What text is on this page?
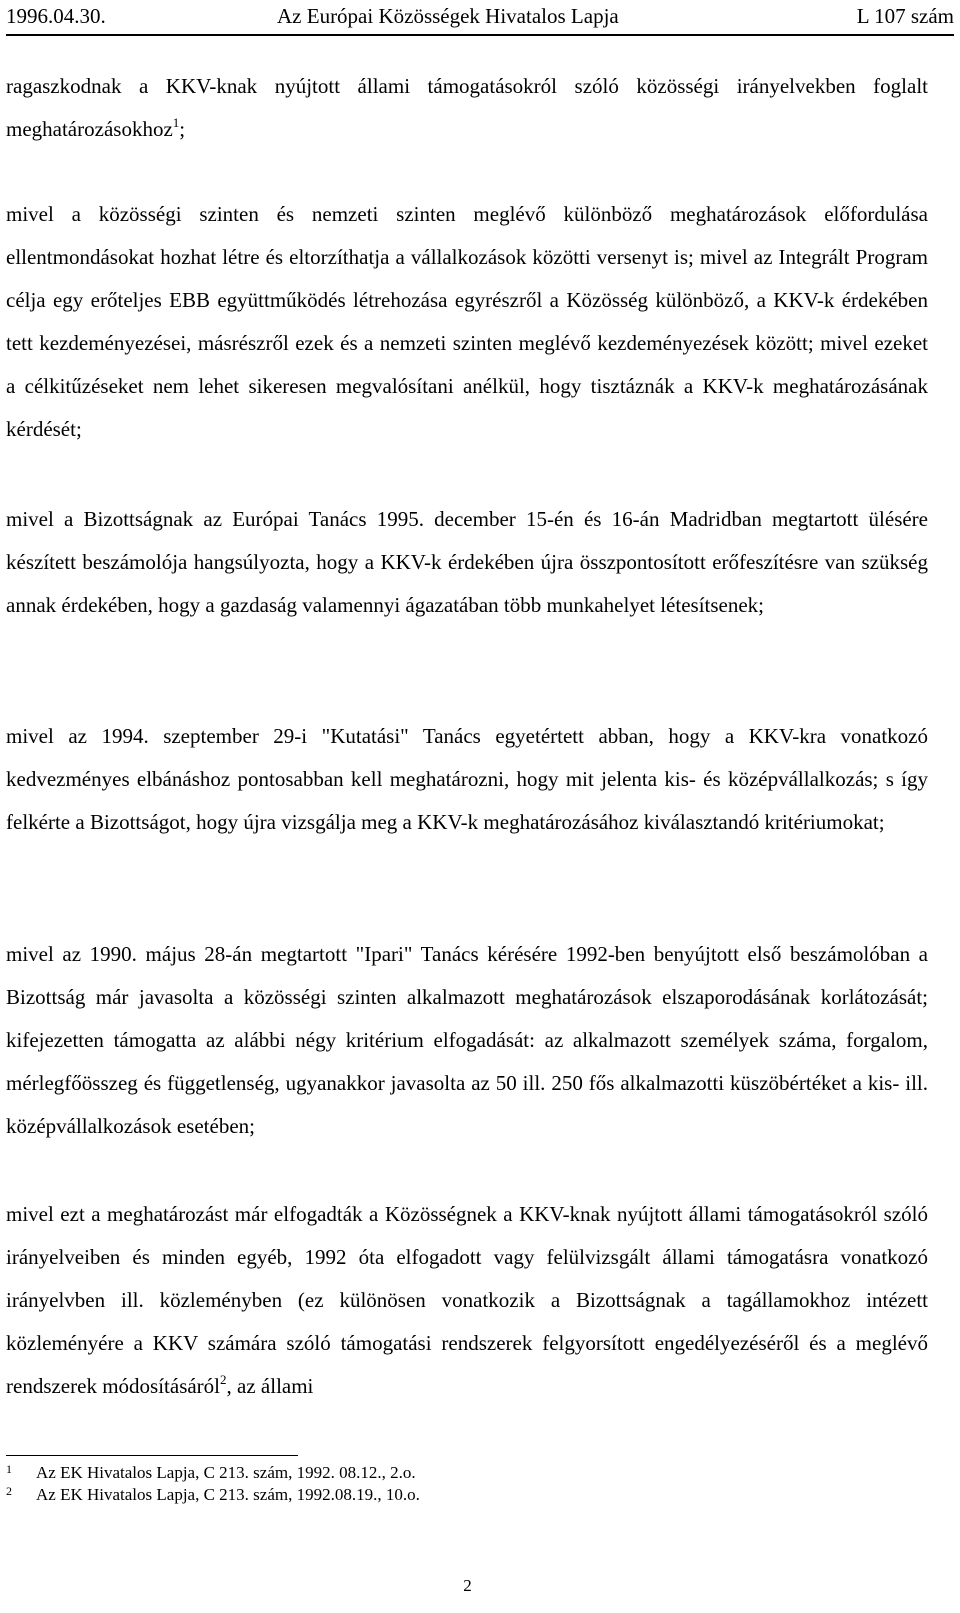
1996.04.30.	Az Európai Közösségek Hivatalos Lapja	L 107 szám

ragaszkodnak a KKV-knak nyújtott állami támogatásokról szóló közösségi irányelvekben foglalt meghatározásokhoz$^1$;

mivel a közösségi szinten és nemzeti szinten meglévő különböző meghatározások előfordulása ellentmondásokat hozhat létre és eltorzíthatja a vállalkozások közötti versenyt is; mivel az Integrált Program célja egy erőteljes EBB együttműködés létrehozása egyrészről a Közösség különböző, a KKV-k érdekében tett kezdeményezései, másrészről ezek és a nemzeti szinten meglévő kezdeményezések között; mivel ezeket a célkitűzéseket nem lehet sikeresen megvalósítani anélkül, hogy tisztáznák a KKV-k meghatározásának kérdését;

mivel a Bizottságnak az Európai Tanács 1995. december 15-én és 16-án Madridban megtartott ülésére készített beszámolója hangsúlyozta, hogy a KKV-k érdekében újra összpontosított erőfeszítésre van szükség annak érdekében, hogy a gazdaság valamennyi ágazatában több munkahelyet létesítsenek;

mivel az 1994. szeptember 29-i "Kutatási" Tanács egyetértett abban, hogy a KKV-kra vonatkozó kedvezményes elbánáshoz pontosabban kell meghatározni, hogy mit jelenta kis- és középvállalkozás; s így felkérte a Bizottságot, hogy újra vizsgálja meg a KKV-k meghatározásához kiválasztandó kritériumokat;

mivel az 1990. május 28-án megtartott "Ipari" Tanács kérésére 1992-ben benyújtott első beszámolóban a Bizottság már javasolta a közösségi szinten alkalmazott meghatározások elszaporodásának korlátozását; kifejezetten támogatta az alábbi négy kritérium elfogadását: az alkalmazott személyek száma, forgalom, mérlegfőösszeg és függetlenség, ugyanakkor javasolta az 50 ill. 250 fős alkalmazotti küszöbértéket a kis- ill. középvállalkozások esetében;

mivel ezt a meghatározást már elfogadták a Közösségnek a KKV-knak nyújtott állami támogatásokról szóló irányelveiben és minden egyéb, 1992 óta elfogadott vagy felülvizsgált állami támogatásra vonatkozó irányelvben ill. közleményben (ez különösen vonatkozik a Bizottságnak a tagállamokhoz intézett közleményére a KKV számára szóló támogatási rendszerek felgyorsított engedélyezéséről és a meglévő rendszerek módosításáról$^2$, az állami

1 Az EK Hivatalos Lapja, C 213. szám, 1992. 08.12., 2.o.
2 Az EK Hivatalos Lapja, C 213. szám, 1992.08.19., 10.o.
2
